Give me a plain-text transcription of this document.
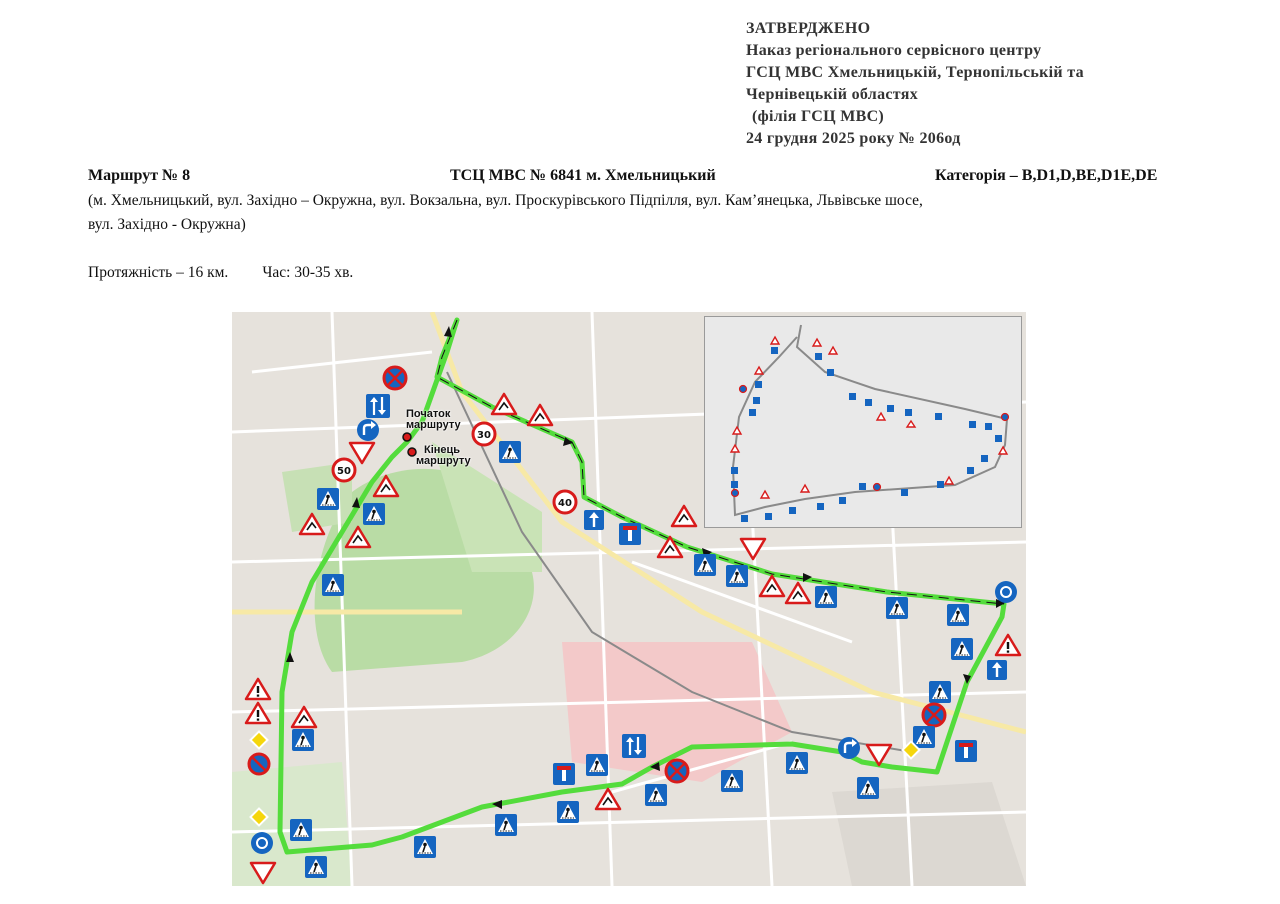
ЗАТВЕРДЖЕНО
Наказ регіонального сервісного центру
ГСЦ МВС Хмельницькій, Тернопільській та
Чернівецькій областях
(філія ГСЦ МВС)
24 грудня 2025 року № 206од
Маршрут № 8	ТСЦ МВС № 6841 м. Хмельницький	Категорія – B,D1,D,BE,D1E,DE
(м. Хмельницький, вул. Західно – Окружна, вул. Вокзальна, вул. Проскурівського Підпілля, вул. Кам’янецька, Львівське шосе,
вул. Західно - Окружна)
Протяжність – 16 км. Час: 30-35 хв.
50
30
40
Початок
маршруту
Кінець
маршруту
